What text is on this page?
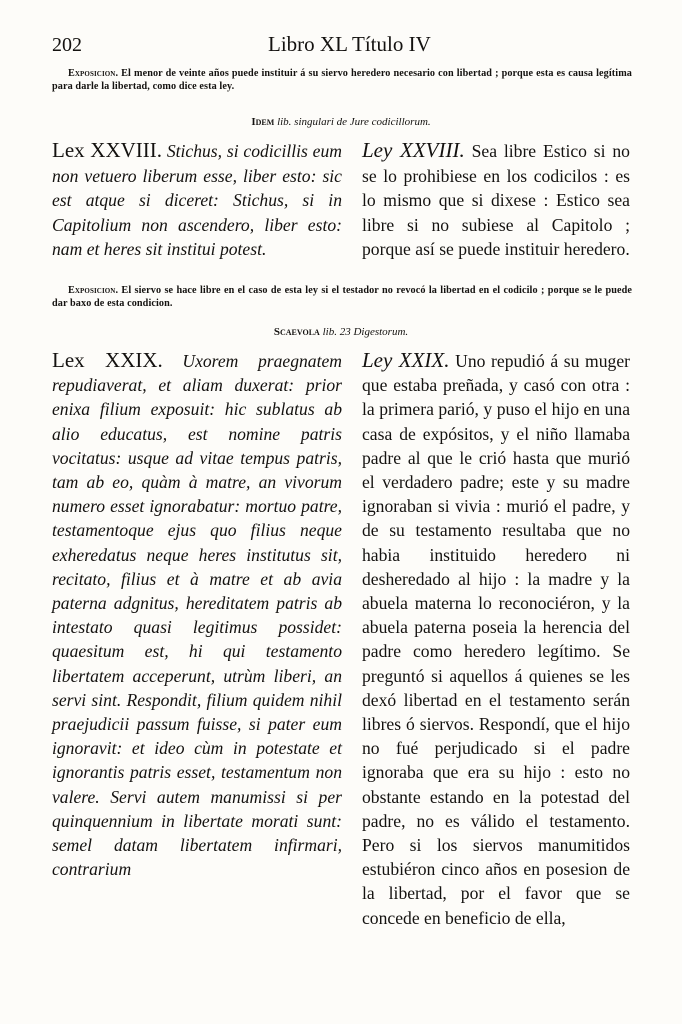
202	Libro XL Título IV
Exposicion. El menor de veinte años puede instituir á su siervo heredero necesario con libertad ; porque esta es causa legítima para darle la libertad, como dice esta ley.
Idem lib. singulari de Jure codicillorum.
Lex XXVIII. Stichus, si codicillis eum non vetuero liberum esse, liber esto: sic est atque si diceret: Stichus, si in Capitolium non ascendero, liber esto: nam et heres sit institui potest.
Ley XXVIII. Sea libre Estico si no se lo prohibiese en los codicilos : es lo mismo que si dixese : Estico sea libre si no subiese al Capitolo ; porque así se puede instituir heredero.
Exposicion. El siervo se hace libre en el caso de esta ley si el testador no revocó la libertad en el codicilo ; porque se le puede dar baxo de esta condicion.
Scaevola lib. 23 Digestorum.
Lex XXIX. Uxorem praegnatem repudiaverat, et aliam duxerat: prior enixa filium exposuit: hic sublatus ab alio educatus, est nomine patris vocitatus: usque ad vitae tempus patris, tam ab eo, quàm à matre, an vivorum numero esset ignorabatur: mortuo patre, testamentoque ejus quo filius neque exheredatus neque heres institutus sit, recitato, filius et à matre et ab avia paterna adgnitus, hereditatem patris ab intestato quasi legitimus possidet: quaesitum est, hi qui testamento libertatem acceperunt, utrùm liberi, an servi sint. Respondit, filium quidem nihil praejudicii passum fuisse, si pater eum ignoravit: et ideo cùm in potestate et ignorantis patris esset, testamentum non valere. Servi autem manumissi si per quinquennium in libertate morati sunt: semel datam libertatem infirmari, contrarium
Ley XXIX. Uno repudió á su muger que estaba preñada, y casó con otra : la primera parió, y puso el hijo en una casa de expósitos, y el niño llamaba padre al que le crió hasta que murió el verdadero padre; este y su madre ignoraban si vivia : murió el padre, y de su testamento resultaba que no habia instituido heredero ni desheredado al hijo : la madre y la abuela materna lo reconociéron, y la abuela paterna poseia la herencia del padre como heredero legítimo. Se preguntó si aquellos á quienes se les dexó libertad en el testamento serán libres ó siervos. Respondí, que el hijo no fué perjudicado si el padre ignoraba que era su hijo : esto no obstante estando en la potestad del padre, no es válido el testamento. Pero si los siervos manumitidos estubiéron cinco años en posesion de la libertad, por el favor que se concede en beneficio de ella,
